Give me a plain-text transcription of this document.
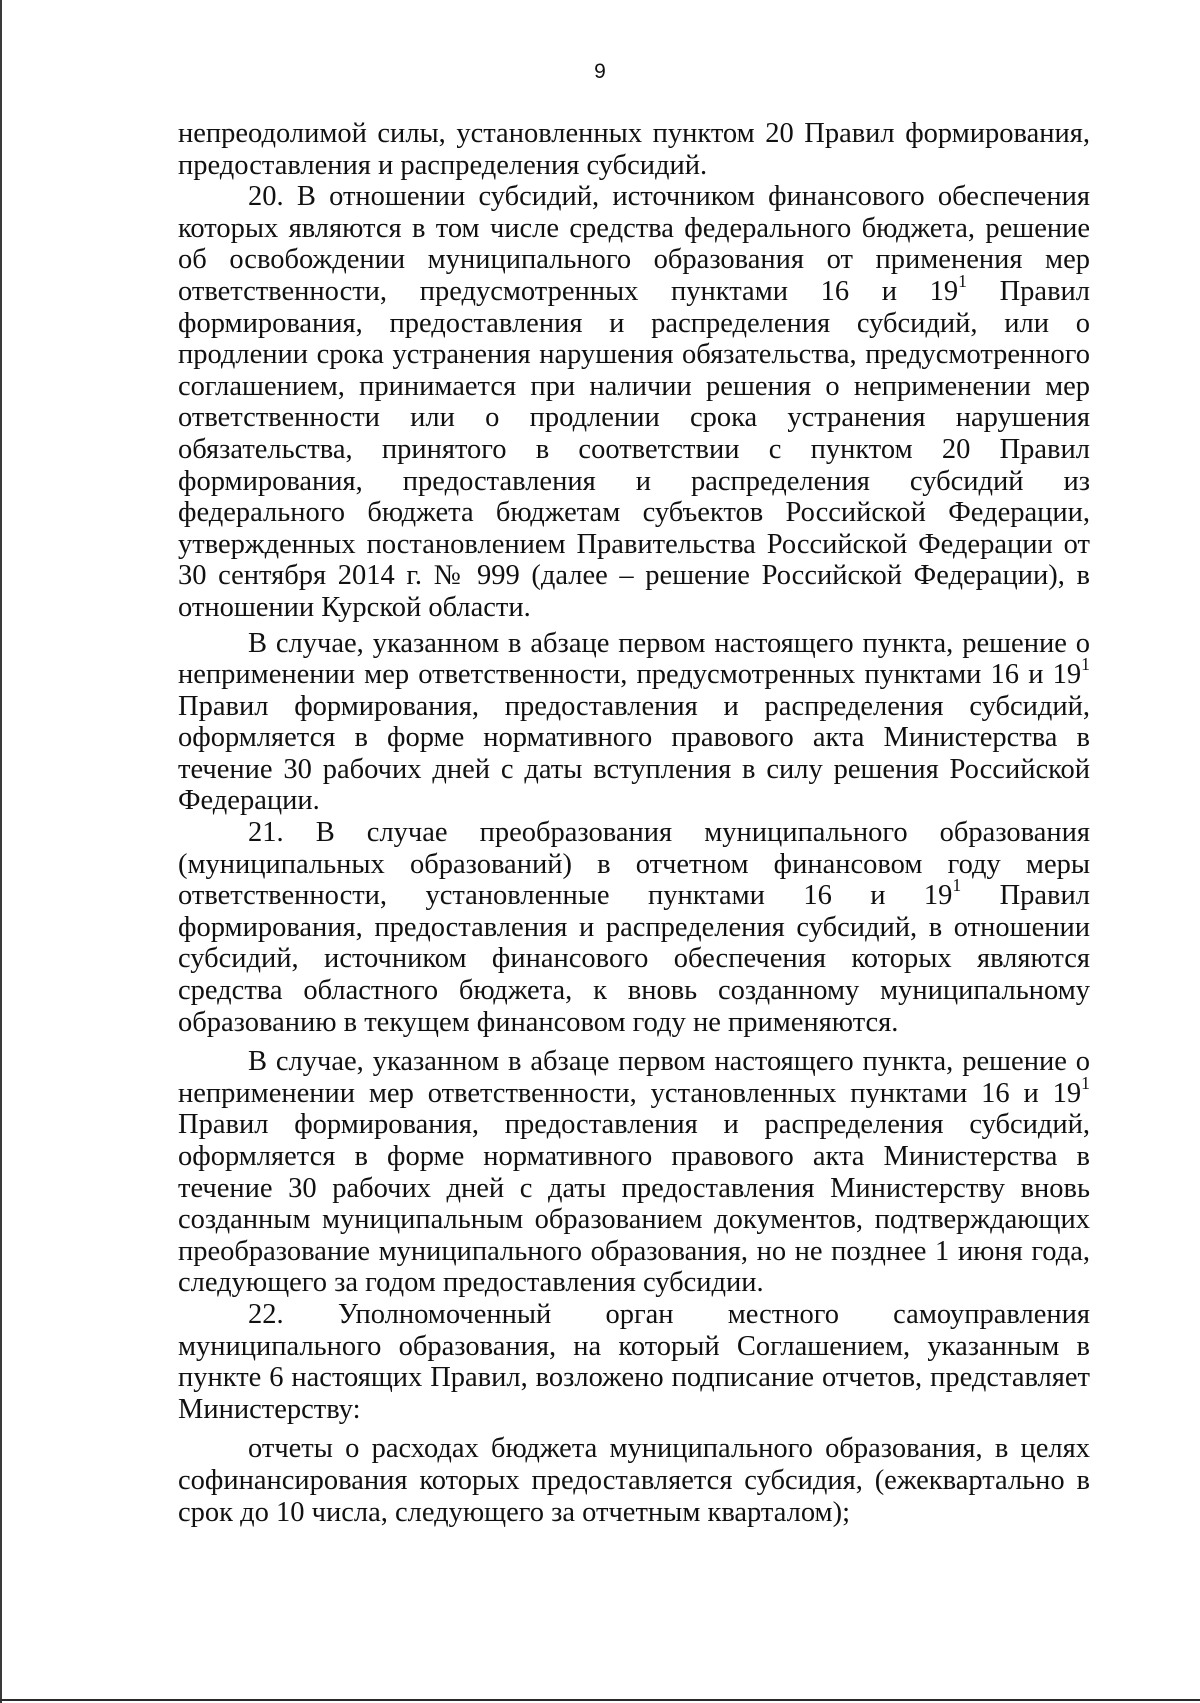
9

непреодолимой силы, установленных пунктом 20 Правил формирования, предоставления и распределения субсидий.

20. В отношении субсидий, источником финансового обеспечения которых являются в том числе средства федерального бюджета, решение об освобождении муниципального образования от применения мер ответственности, предусмотренных пунктами 16 и $19^1$ Правил формирования, предоставления и распределения субсидий, или о продлении срока устранения нарушения обязательства, предусмотренного соглашением, принимается при наличии решения о неприменении мер ответственности или о продлении срока устранения нарушения обязательства, принятого в соответствии с пунктом 20 Правил формирования, предоставления и распределения субсидий из федерального бюджета бюджетам субъектов Российской Федерации, утвержденных постановлением Правительства Российской Федерации от 30 сентября 2014 г. № 999 (далее – решение Российской Федерации), в отношении Курской области.

В случае, указанном в абзаце первом настоящего пункта, решение о неприменении мер ответственности, предусмотренных пунктами 16 и $19^1$ Правил формирования, предоставления и распределения субсидий, оформляется в форме нормативного правового акта Министерства в течение 30 рабочих дней с даты вступления в силу решения Российской Федерации.

21. В случае преобразования муниципального образования (муниципальных образований) в отчетном финансовом году меры ответственности, установленные пунктами 16 и $19^1$ Правил формирования, предоставления и распределения субсидий, в отношении субсидий, источником финансового обеспечения которых являются средства областного бюджета, к вновь созданному муниципальному образованию в текущем финансовом году не применяются.

В случае, указанном в абзаце первом настоящего пункта, решение о неприменении мер ответственности, установленных пунктами 16 и $19^1$ Правил формирования, предоставления и распределения субсидий, оформляется в форме нормативного правового акта Министерства в течение 30 рабочих дней с даты предоставления Министерству вновь созданным муниципальным образованием документов, подтверждающих преобразование муниципального образования, но не позднее 1 июня года, следующего за годом предоставления субсидии.

22. Уполномоченный орган местного самоуправления муниципального образования, на который Соглашением, указанным в пункте 6 настоящих Правил, возложено подписание отчетов, представляет Министерству:

отчеты о расходах бюджета муниципального образования, в целях софинансирования которых предоставляется субсидия, (ежеквартально в срок до 10 числа, следующего за отчетным кварталом);
